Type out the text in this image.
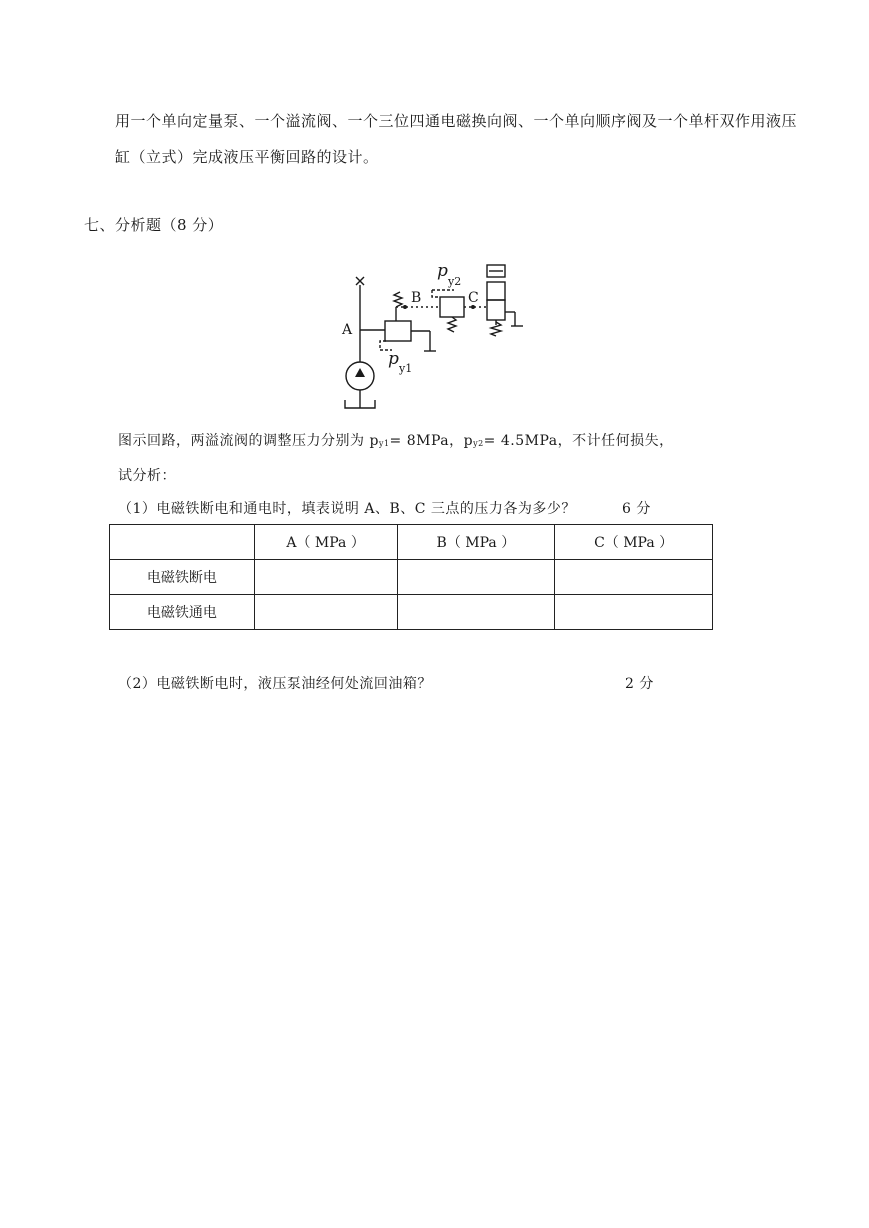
用一个单向定量泵、一个溢流阀、一个三位四通电磁换向阀、一个单向顺序阀及一个单杆双作用液压
缸（立式）完成液压平衡回路的设计。
七、分析题（8 分）
A
B	C
p
y2
p y1
图示回路，两溢流阀的调整压力分别为 py1= 8MPa，py2= 4.5MPa，不计任何损失，
试分析：
（1）电磁铁断电和通电时，填表说明 A、B、C 三点的压力各为多少？	6 分
	A（ MPa ）	B（ MPa ）	C（ MPa ）
电磁铁断电			
电磁铁通电			
（2）电磁铁断电时，液压泵油经何处流回油箱？	2 分
